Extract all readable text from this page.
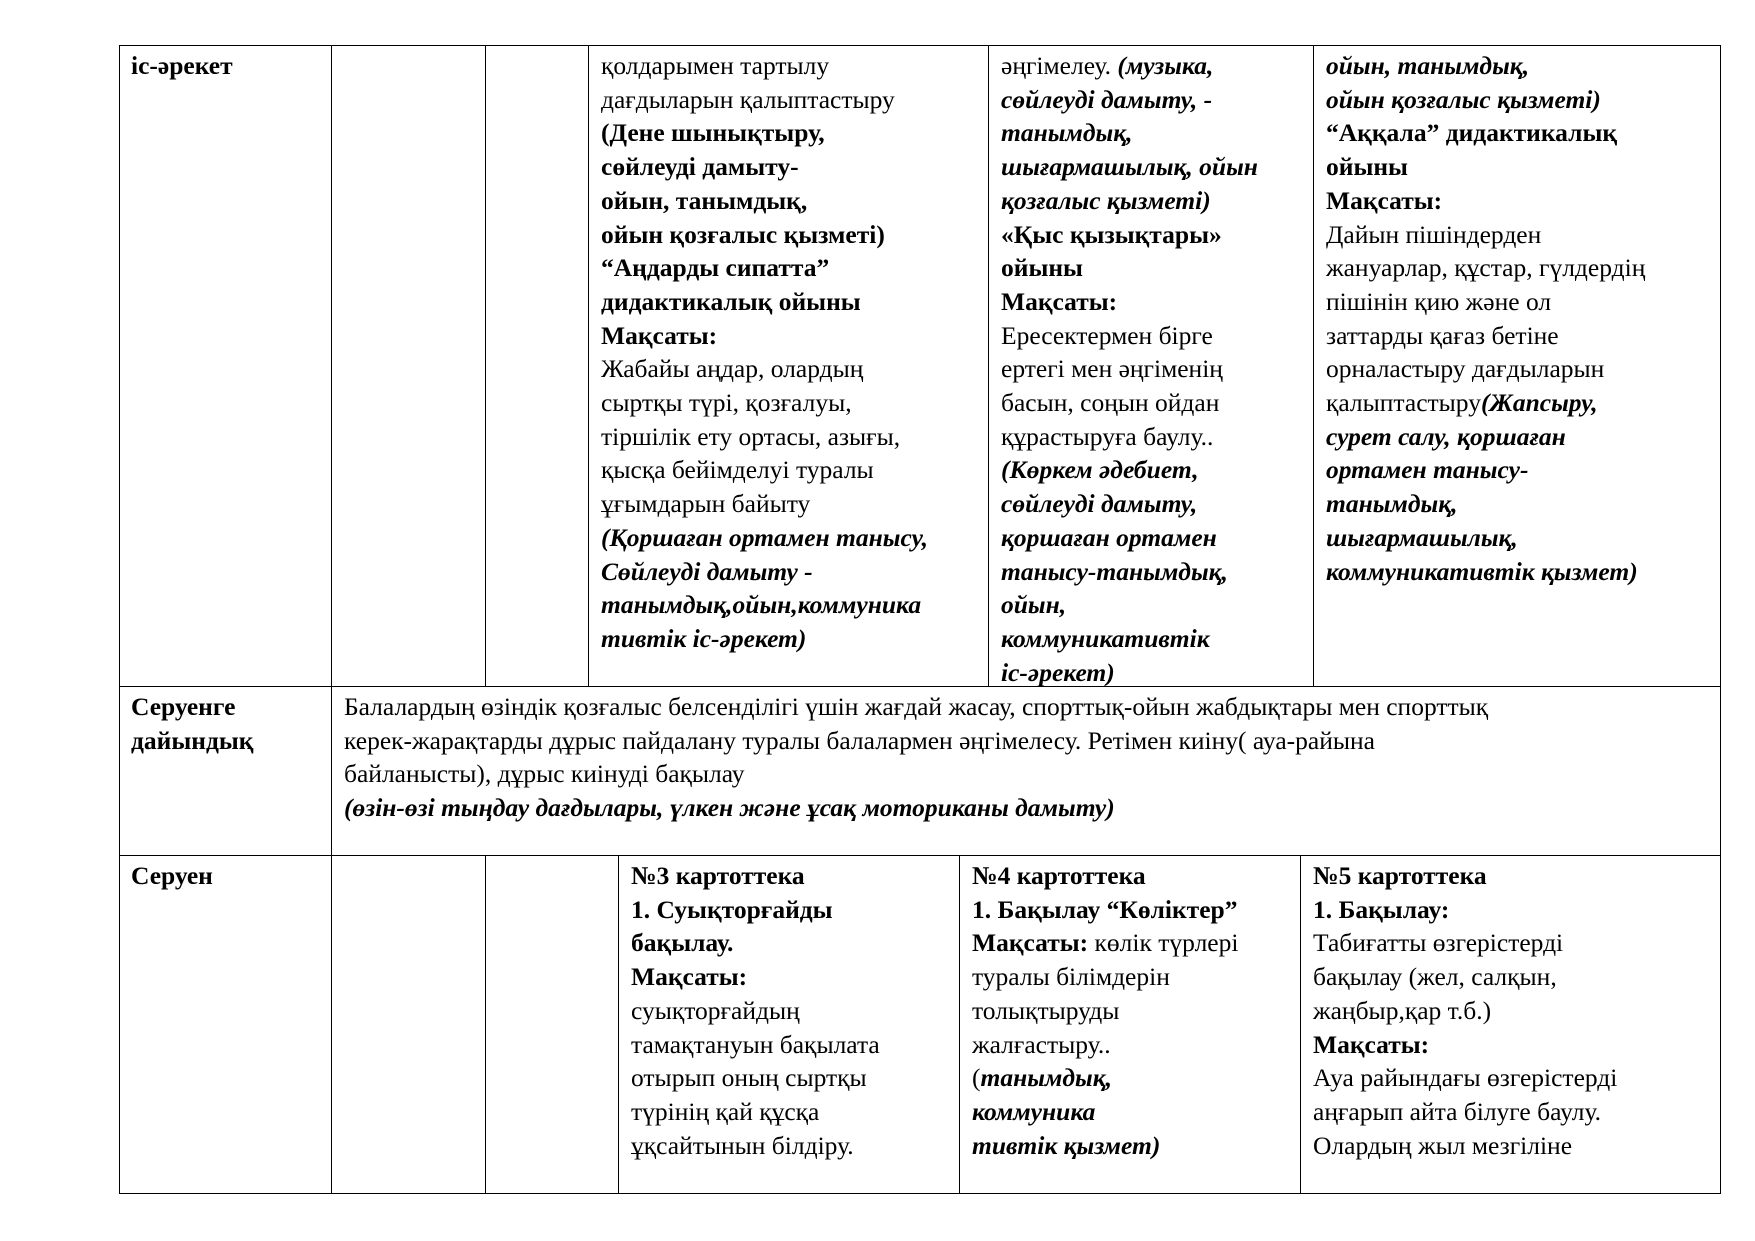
іс-әрекет	қолдарымен тартылу
дағдыларын қалыптастыру
(Дене шынықтыру,
сөйлеуді дамыту-
ойын, танымдық,
ойын қозғалыс қызметі)
“Аңдарды сипатта”
дидактикалық ойыны
Мақсаты:
Жабайы аңдар, олардың
сыртқы түрі, қозғалуы,
тіршілік ету ортасы, азығы,
қысқа бейімделуі туралы
ұғымдарын байыту
(Қоршаған ортамен танысу,
Сөйлеуді дамыту -
танымдық,ойын,коммуника
тивтік іс-әрекет)
әңгімелеу. (музыка,
сөйлеуді дамыту, -
танымдық,
шығармашылық, ойын
қозғалыс қызметі)
«Қыс қызықтары»
ойыны
Мақсаты:
Ересектермен бірге
ертегі мен әңгіменің
басын, соңын ойдан
құрастыруға баулу..
(Көркем әдебиет,
сөйлеуді дамыту,
қоршаған ортамен
танысу-танымдық,
ойын,
коммуникативтік
іс-әрекет)
ойын, танымдық,
ойын қозғалыс қызметі)
“Аққала” дидактикалық
ойыны
Мақсаты:
Дайын пішіндерден
жануарлар, құстар, гүлдердің
пішінін қию және ол
заттарды қағаз бетіне
орналастыру дағдыларын
қалыптастыру(Жапсыру,
сурет салу, қоршаған
ортамен танысу-
танымдық,
шығармашылық,
коммуникативтік қызмет)
Серуенге
дайындық
Балалардың өзіндік қозғалыс белсенділігі үшін жағдай жасау, спорттық-ойын жабдықтары мен спорттық
керек-жарақтарды дұрыс пайдалану туралы балалармен әңгімелесу. Ретімен киіну( ауа-райына
байланысты), дұрыс киінуді бақылау
(өзін-өзі тыңдау дағдылары, үлкен және ұсақ моториканы дамыту)
Серуен	№3 картоттека
1. Суықторғайды
бақылау.
Мақсаты:
суықторғайдың
тамақтануын бақылата
отырып оның сыртқы
түрінің қай құсқа
ұқсайтынын білдіру.
№4 картоттека
1. Бақылау “Көліктер”
Мақсаты: көлік түрлері
туралы білімдерін
толықтыруды
жалғастыру..
(танымдық,
коммуника
тивтік қызмет)
№5 картоттека
1. Бақылау:
Табиғатты өзгерістерді
бақылау (жел, салқын,
жаңбыр,қар т.б.)
Мақсаты:
Ауа райындағы өзгерістерді
аңғарып айта білуге баулу.
Олардың жыл мезгіліне
